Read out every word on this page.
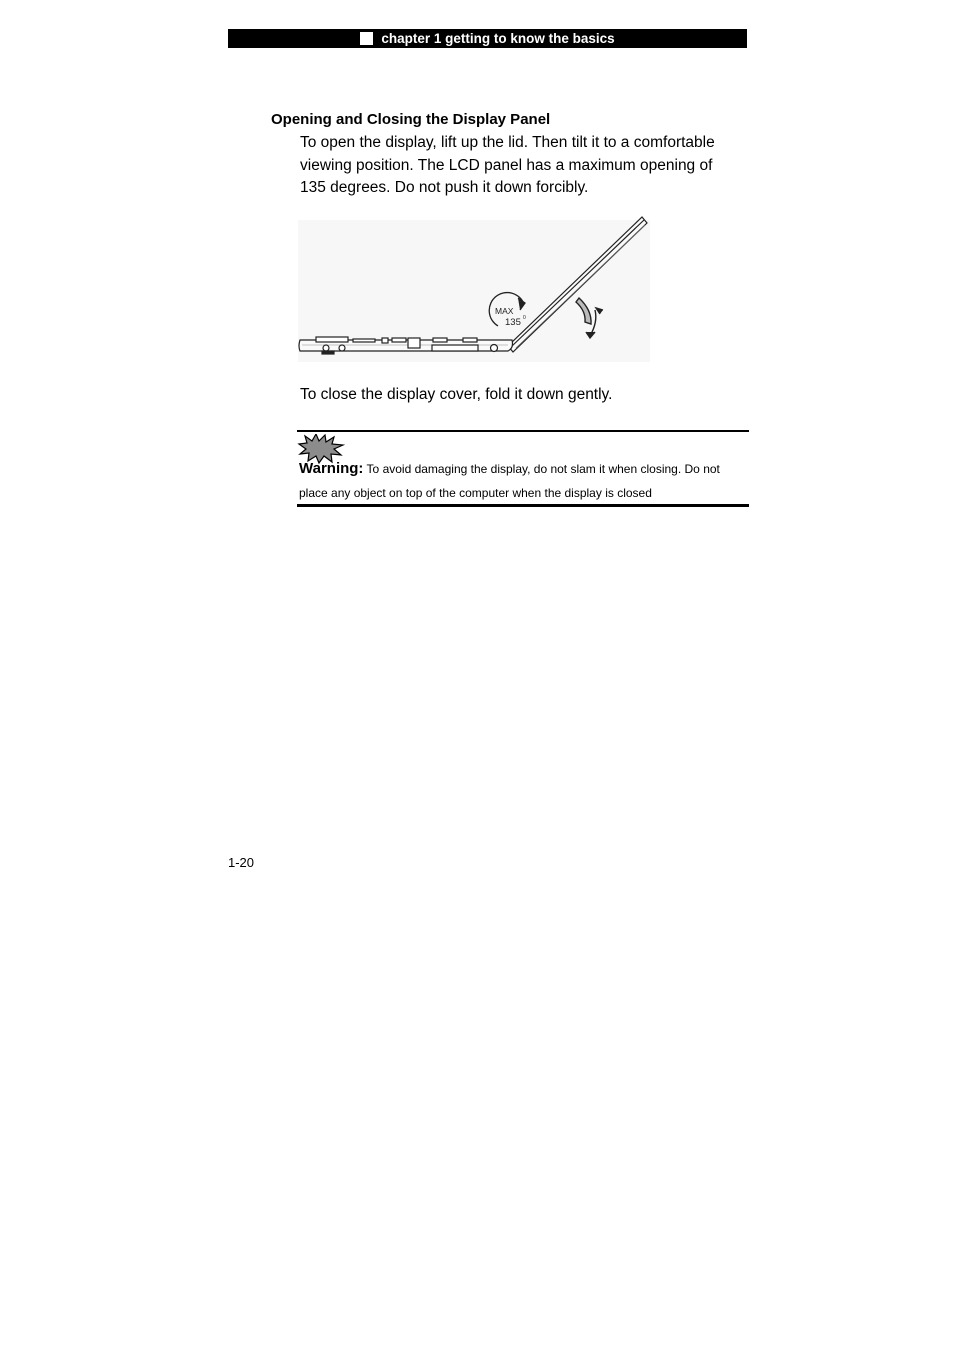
chapter 1 getting to know the basics
Opening and Closing the Display Panel
To open the display, lift up the lid. Then tilt it to a comfortable viewing position. The LCD panel has a maximum opening of 135 degrees. Do not push it down forcibly.
MAX
135 0
To close the display cover, fold it down gently.
Warning: To avoid damaging the display, do not slam it when closing. Do not place any object on top of the computer when the display is closed
1-20
